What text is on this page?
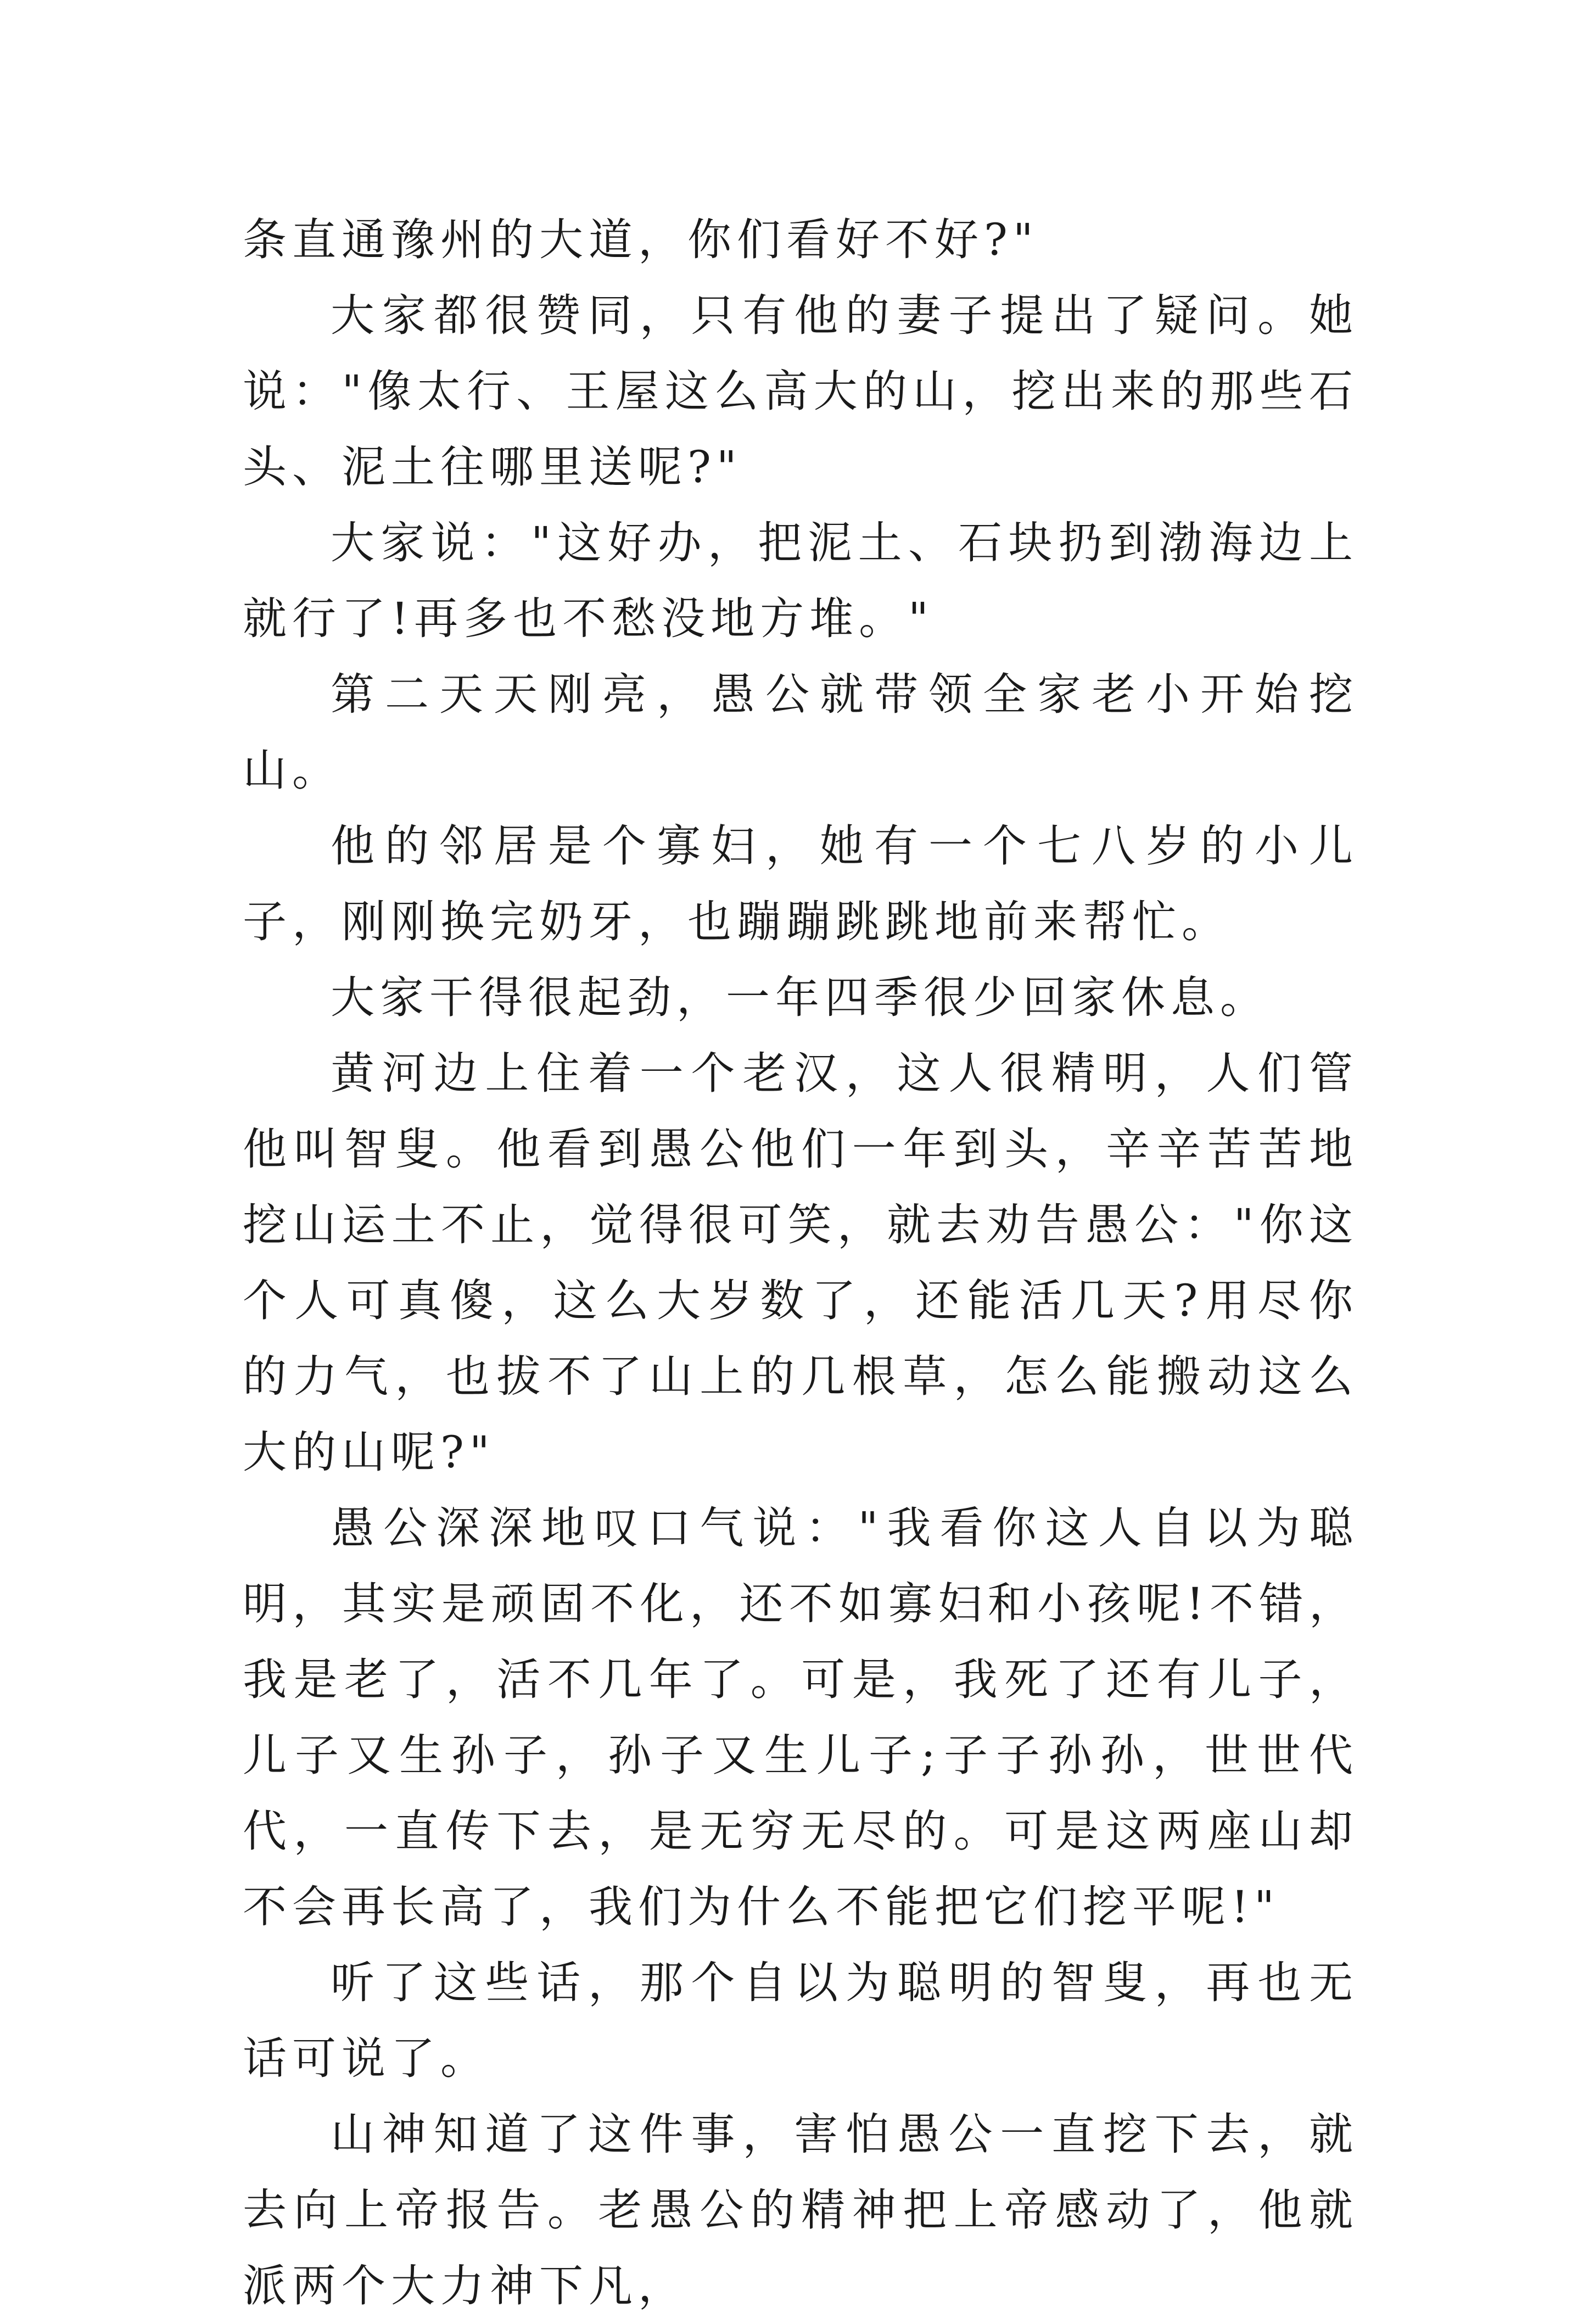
条直通豫州的大道，你们看好不好?"

大家都很赞同，只有他的妻子提出了疑问。她说："像太行、王屋这么高大的山，挖出来的那些石头、泥土往哪里送呢?"

大家说："这好办，把泥土、石块扔到渤海边上就行了!再多也不愁没地方堆。"

第二天天刚亮，愚公就带领全家老小开始挖山。

他的邻居是个寡妇，她有一个七八岁的小儿子，刚刚换完奶牙，也蹦蹦跳跳地前来帮忙。

大家干得很起劲，一年四季很少回家休息。

黄河边上住着一个老汉，这人很精明，人们管他叫智叟。他看到愚公他们一年到头，辛辛苦苦地挖山运土不止，觉得很可笑，就去劝告愚公："你这个人可真傻，这么大岁数了，还能活几天?用尽你的力气，也拔不了山上的几根草，怎么能搬动这么大的山呢?"

愚公深深地叹口气说："我看你这人自以为聪明，其实是顽固不化，还不如寡妇和小孩呢!不错，我是老了，活不几年了。可是，我死了还有儿子，儿子又生孙子，孙子又生儿子;子子孙孙，世世代代，一直传下去，是无穷无尽的。可是这两座山却不会再长高了，我们为什么不能把它们挖平呢!"

听了这些话，那个自以为聪明的智叟，再也无话可说了。

山神知道了这件事，害怕愚公一直挖下去，就去向上帝报告。老愚公的精神把上帝感动了，他就派两个大力神下凡，
